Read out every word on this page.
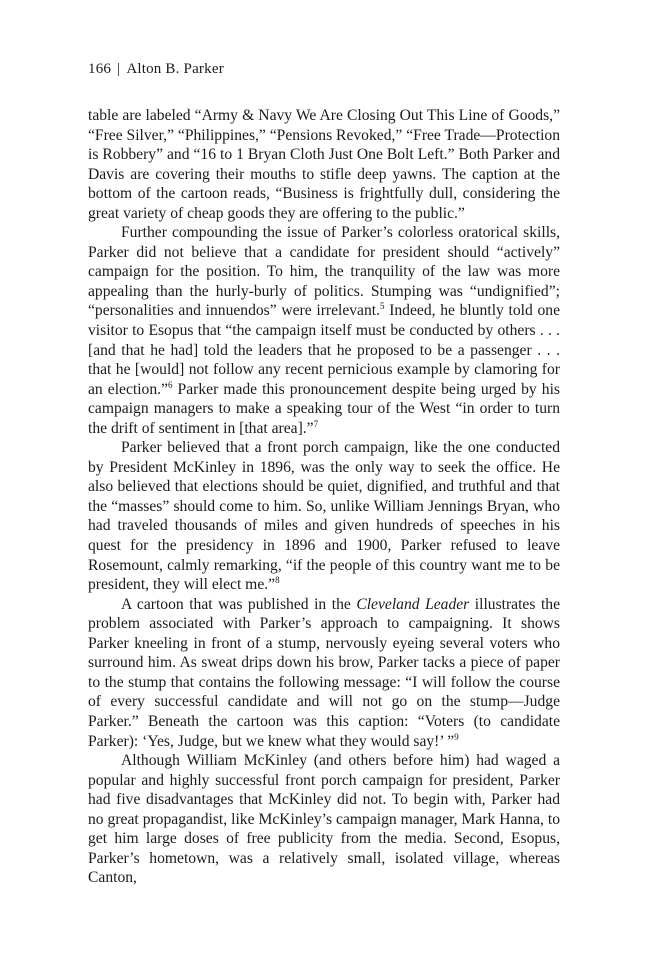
166 | Alton B. Parker

table are labeled “Army & Navy We Are Closing Out This Line of Goods,” “Free Silver,” “Philippines,” “Pensions Revoked,” “Free Trade—Protection is Robbery” and “16 to 1 Bryan Cloth Just One Bolt Left.” Both Parker and Davis are covering their mouths to stifle deep yawns. The caption at the bottom of the cartoon reads, “Business is frightfully dull, considering the great variety of cheap goods they are offering to the public.”

Further compounding the issue of Parker’s colorless oratorical skills, Parker did not believe that a candidate for president should “actively” campaign for the position. To him, the tranquility of the law was more appealing than the hurly-burly of politics. Stumping was “undignified”; “personalities and innuendos” were irrelevant.$^5$ Indeed, he bluntly told one visitor to Esopus that “the campaign itself must be conducted by others . . . [and that he had] told the leaders that he proposed to be a passenger . . . that he [would] not follow any recent pernicious example by clamoring for an election.”$^6$ Parker made this pronouncement despite being urged by his campaign managers to make a speaking tour of the West “in order to turn the drift of sentiment in [that area].”$^7$

Parker believed that a front porch campaign, like the one conducted by President McKinley in 1896, was the only way to seek the office. He also believed that elections should be quiet, dignified, and truthful and that the “masses” should come to him. So, unlike William Jennings Bryan, who had traveled thousands of miles and given hundreds of speeches in his quest for the presidency in 1896 and 1900, Parker refused to leave Rosemount, calmly remarking, “if the people of this country want me to be president, they will elect me.”$^8$

A cartoon that was published in the Cleveland Leader illustrates the problem associated with Parker’s approach to campaigning. It shows Parker kneeling in front of a stump, nervously eyeing several voters who surround him. As sweat drips down his brow, Parker tacks a piece of paper to the stump that contains the following message: “I will follow the course of every successful candidate and will not go on the stump—Judge Parker.” Beneath the cartoon was this caption: “Voters (to candidate Parker): ‘Yes, Judge, but we knew what they would say!’ ”$^9$

Although William McKinley (and others before him) had waged a popular and highly successful front porch campaign for president, Parker had five disadvantages that McKinley did not. To begin with, Parker had no great propagandist, like McKinley’s campaign manager, Mark Hanna, to get him large doses of free publicity from the media. Second, Esopus, Parker’s hometown, was a relatively small, isolated village, whereas Canton,
